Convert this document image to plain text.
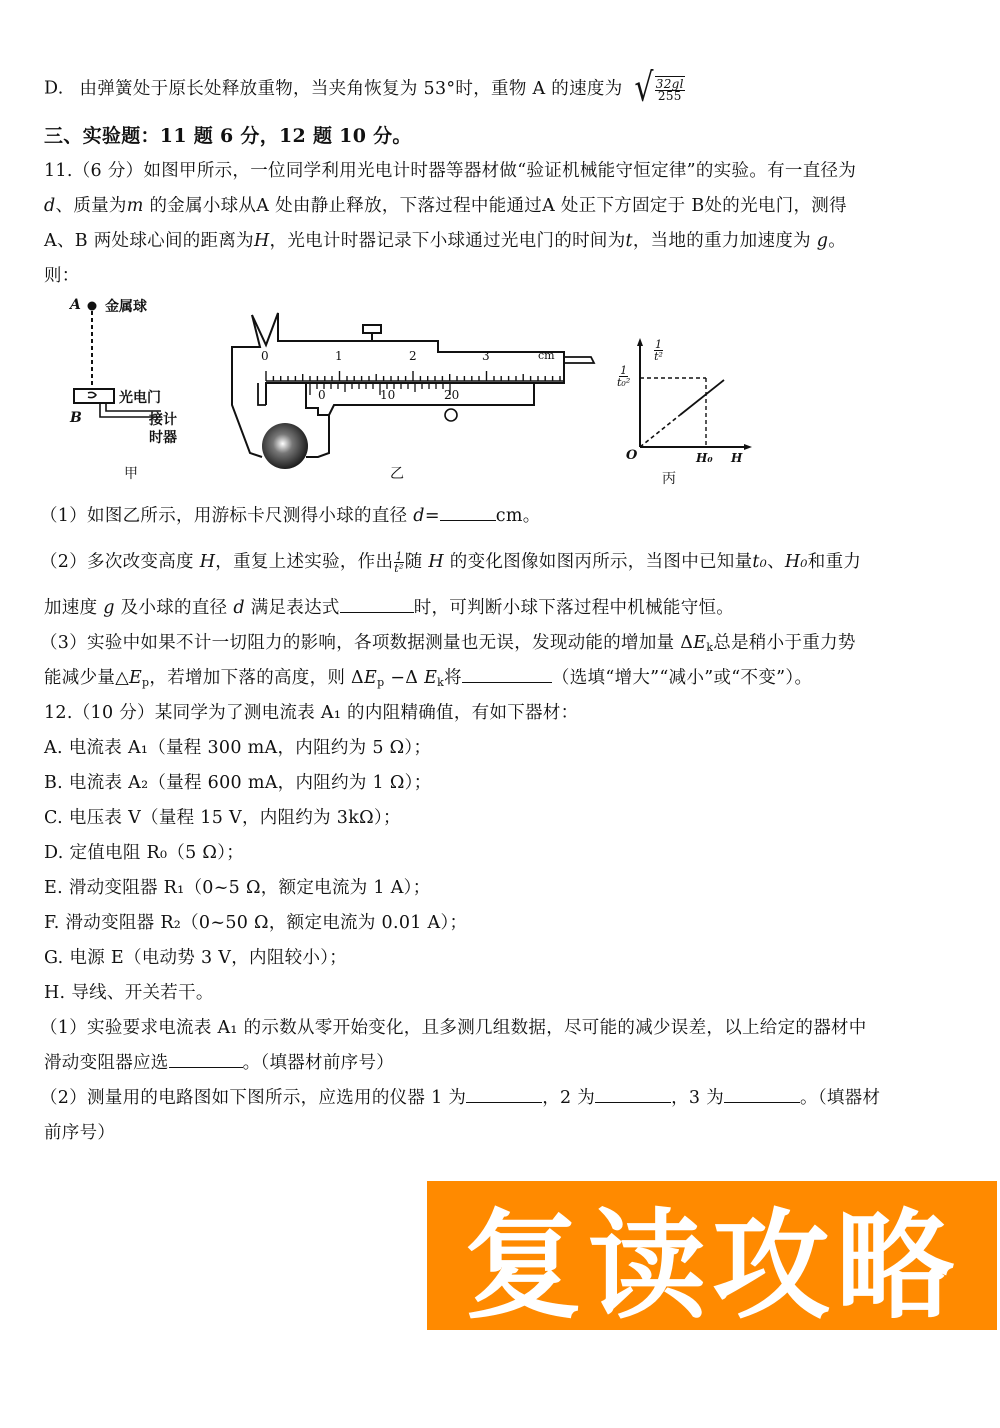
D. 由弹簧处于原长处释放重物，当夹角恢复为 53°时，重物 A 的速度为 √ $\frac{32gl}{255}$
三、实验题：11 题 6 分，12 题 10 分。
11.（6 分）如图甲所示，一位同学利用光电计时器等器材做“验证机械能守恒定律”的实验。有一直径为
d、质量为m 的金属小球从A 处由静止释放，下落过程中能通过A 处正下方固定于 B处的光电门，测得
A、B 两处球心间的距离为H，光电计时器记录下小球通过光电门的时间为t，当地的重力加速度为 g。
则：
A 金属球
光电门
B	接计
时器
甲
0	1	2	3	cm
0	10	20
乙
$\frac{1}{\text{t²}}$
$\frac{1}{\text{t₀²}}$
O	H₀ H
丙
（1）如图乙所示，用游标卡尺测得小球的直径 d=	cm。
（2）多次改变高度 H，重复上述实验，作出 $\frac{1}{\text{t²}}$ 随 H 的变化图像如图丙所示，当图中已知量t₀、H₀和重力
加速度 g 及小球的直径 d 满足表达式	时，可判断小球下落过程中机械能守恒。
（3）实验中如果不计一切阻力的影响，各项数据测量也无误，发现动能的增加量 $\Delta E_k$总是稍小于重力势
能减少量$\triangle E_p$，若增加下落的高度，则 $\Delta E_p -\Delta$ $E_k$将	（选填“增大”“减小”或“不变”）。
12.（10 分）某同学为了测电流表 A₁ 的内阻精确值，有如下器材：
A. 电流表 A₁（量程 300 mA，内阻约为 5 Ω）；
B. 电流表 A₂（量程 600 mA，内阻约为 1 Ω）；
C. 电压表 V（量程 15 V，内阻约为 3kΩ）；
D. 定值电阻 R₀（5 Ω）；
E. 滑动变阻器 R₁（0~5 Ω，额定电流为 1 A）；
F. 滑动变阻器 R₂（0~50 Ω，额定电流为 0.01 A）；
G. 电源 E（电动势 3 V，内阻较小）；
H. 导线、开关若干。
（1）实验要求电流表 A₁ 的示数从零开始变化，且多测几组数据，尽可能的减少误差，以上给定的器材中
滑动变阻器应选	。（填器材前序号）
（2）测量用的电路图如下图所示，应选用的仪器 1 为	，2 为	，3 为	。（填器材
前序号）
复读攻略
